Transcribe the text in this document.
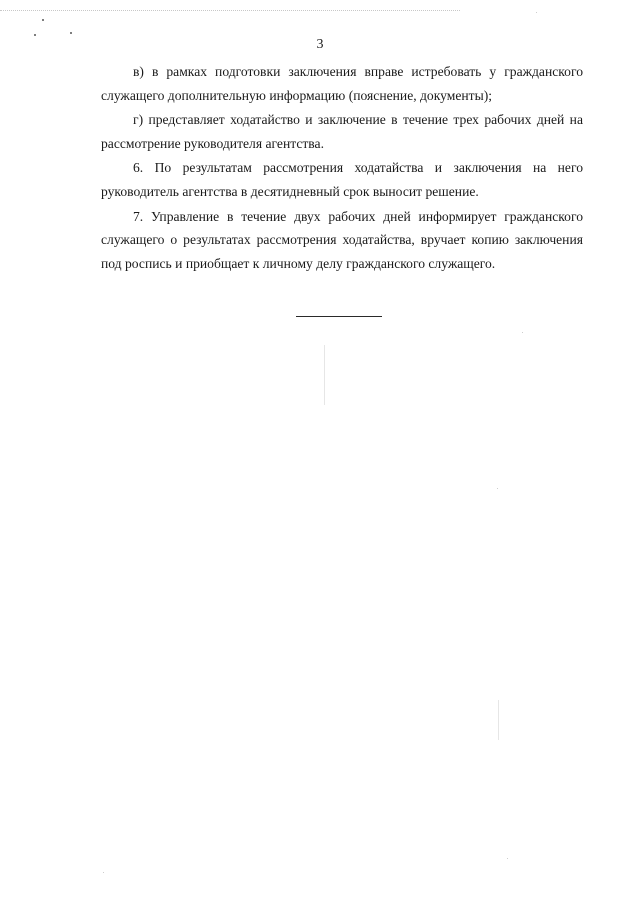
3

в) в рамках подготовки заключения вправе истребовать у гражданского служащего дополнительную информацию (пояснение, документы);

г) представляет ходатайство и заключение в течение трех рабочих дней на рассмотрение руководителя агентства.

6. По результатам рассмотрения ходатайства и заключения на него руководитель агентства в десятидневный срок выносит решение.

7. Управление в течение двух рабочих дней информирует гражданского служащего о результатах рассмотрения ходатайства, вручает копию заключения под роспись и приобщает к личному делу гражданского служащего.
